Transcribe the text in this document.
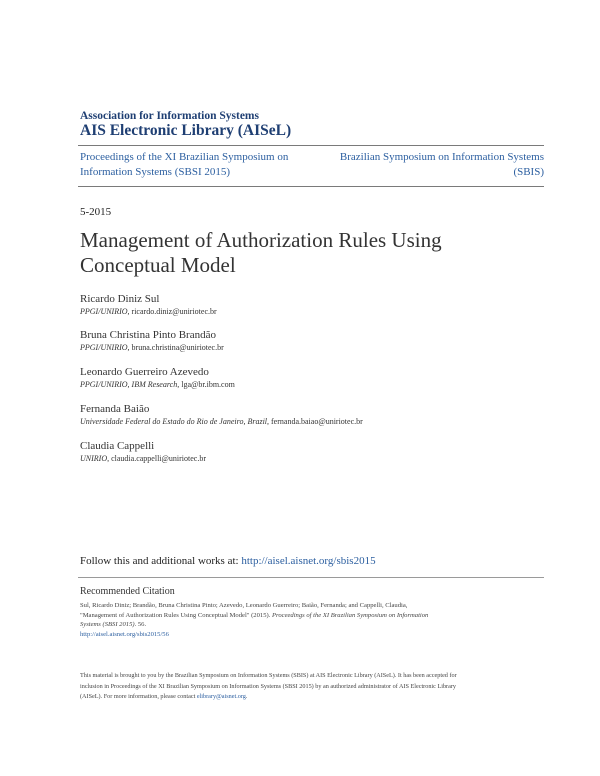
Association for Information Systems
AIS Electronic Library (AISeL)
Proceedings of the XI Brazilian Symposium on
Information Systems (SBSI 2015)
Brazilian Symposium on Information Systems
(SBIS)
5-2015
Management of Authorization Rules Using
Conceptual Model
Ricardo Diniz Sul
PPGI/UNIRIO, ricardo.diniz@uniriotec.br
Bruna Christina Pinto Brandão
PPGI/UNIRIO, bruna.christina@uniriotec.br
Leonardo Guerreiro Azevedo
PPGI/UNIRIO, IBM Research, lga@br.ibm.com
Fernanda Baião
Universidade Federal do Estado do Rio de Janeiro, Brazil, fernanda.baiao@uniriotec.br
Claudia Cappelli
UNIRIO, claudia.cappelli@uniriotec.br
Follow this and additional works at: http://aisel.aisnet.org/sbis2015
Recommended Citation
Sul, Ricardo Diniz; Brandão, Bruna Christina Pinto; Azevedo, Leonardo Guerreiro; Baião, Fernanda; and Cappelli, Claudia,
"Management of Authorization Rules Using Conceptual Model" (2015). Proceedings of the XI Brazilian Symposium on Information
Systems (SBSI 2015). 56.
http://aisel.aisnet.org/sbis2015/56
This material is brought to you by the Brazilian Symposium on Information Systems (SBIS) at AIS Electronic Library (AISeL). It has been accepted for
inclusion in Proceedings of the XI Brazilian Symposium on Information Systems (SBSI 2015) by an authorized administrator of AIS Electronic Library
(AISeL). For more information, please contact elibrary@aisnet.org.
